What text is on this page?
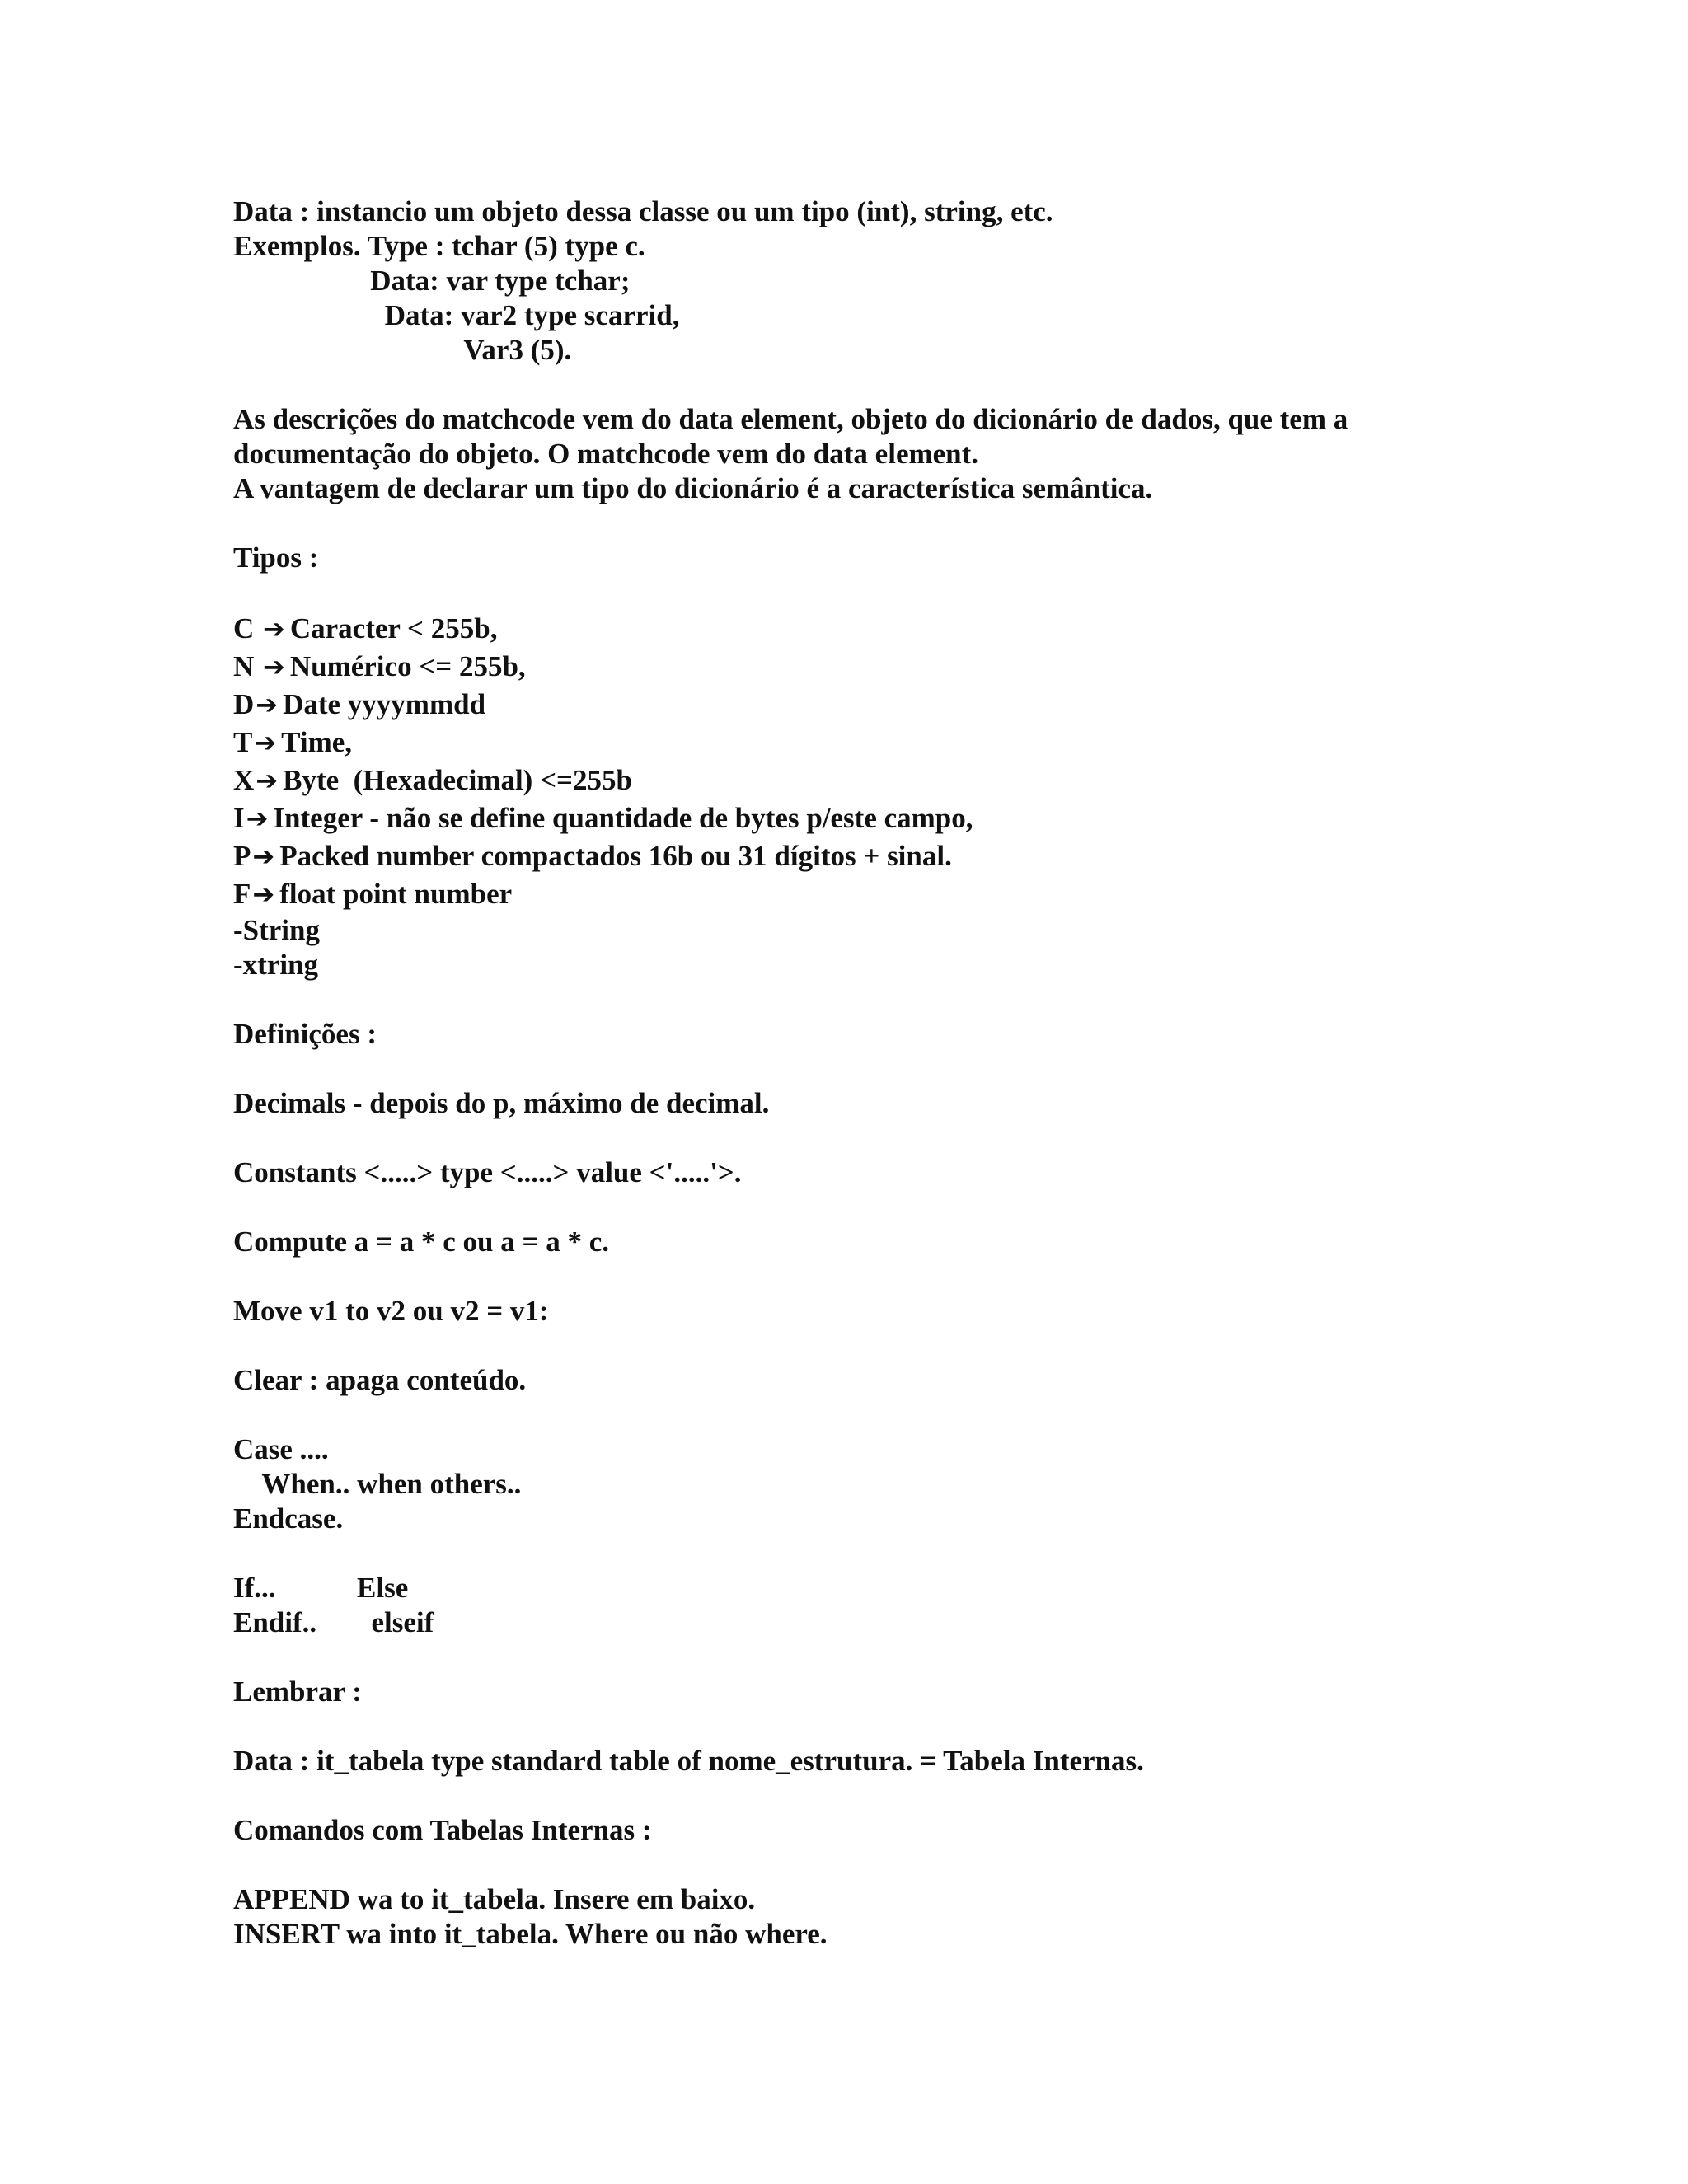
Data : instancio um objeto dessa classe ou um tipo (int), string, etc.
Exemplos. Type : tchar (5) type c.
Data: var type tchar;
Data: var2 type scarrid,
Var3 (5).
As descrições do matchcode vem do data element, objeto do dicionário de dados, que tem a
documentação do objeto. O matchcode vem do data element.
A vantagem de declarar um tipo do dicionário é a característica semântica.
Tipos :
C ➔ Caracter < 255b,
N ➔ Numérico <= 255b,
D➔ Date yyyymmdd
T➔ Time,
X➔ Byte  (Hexadecimal) <=255b
I➔ Integer - não se define quantidade de bytes p/este campo,
P➔ Packed number compactados 16b ou 31 dígitos + sinal.
F➔ float point number
-String
-xtring
Definições :
Decimals - depois do p, máximo de decimal.
Constants <.....> type <.....> value <'.....'>.
Compute a = a * c ou a = a * c.
Move v1 to v2 ou v2 = v1:
Clear : apaga conteúdo.
Case ....
When.. when others..
Endcase.
If...	Else
Endif..	elseif
Lembrar :
Data : it_tabela type standard table of nome_estrutura. = Tabela Internas.
Comandos com Tabelas Internas :
APPEND wa to it_tabela. Insere em baixo.
INSERT wa into it_tabela. Where ou não where.
